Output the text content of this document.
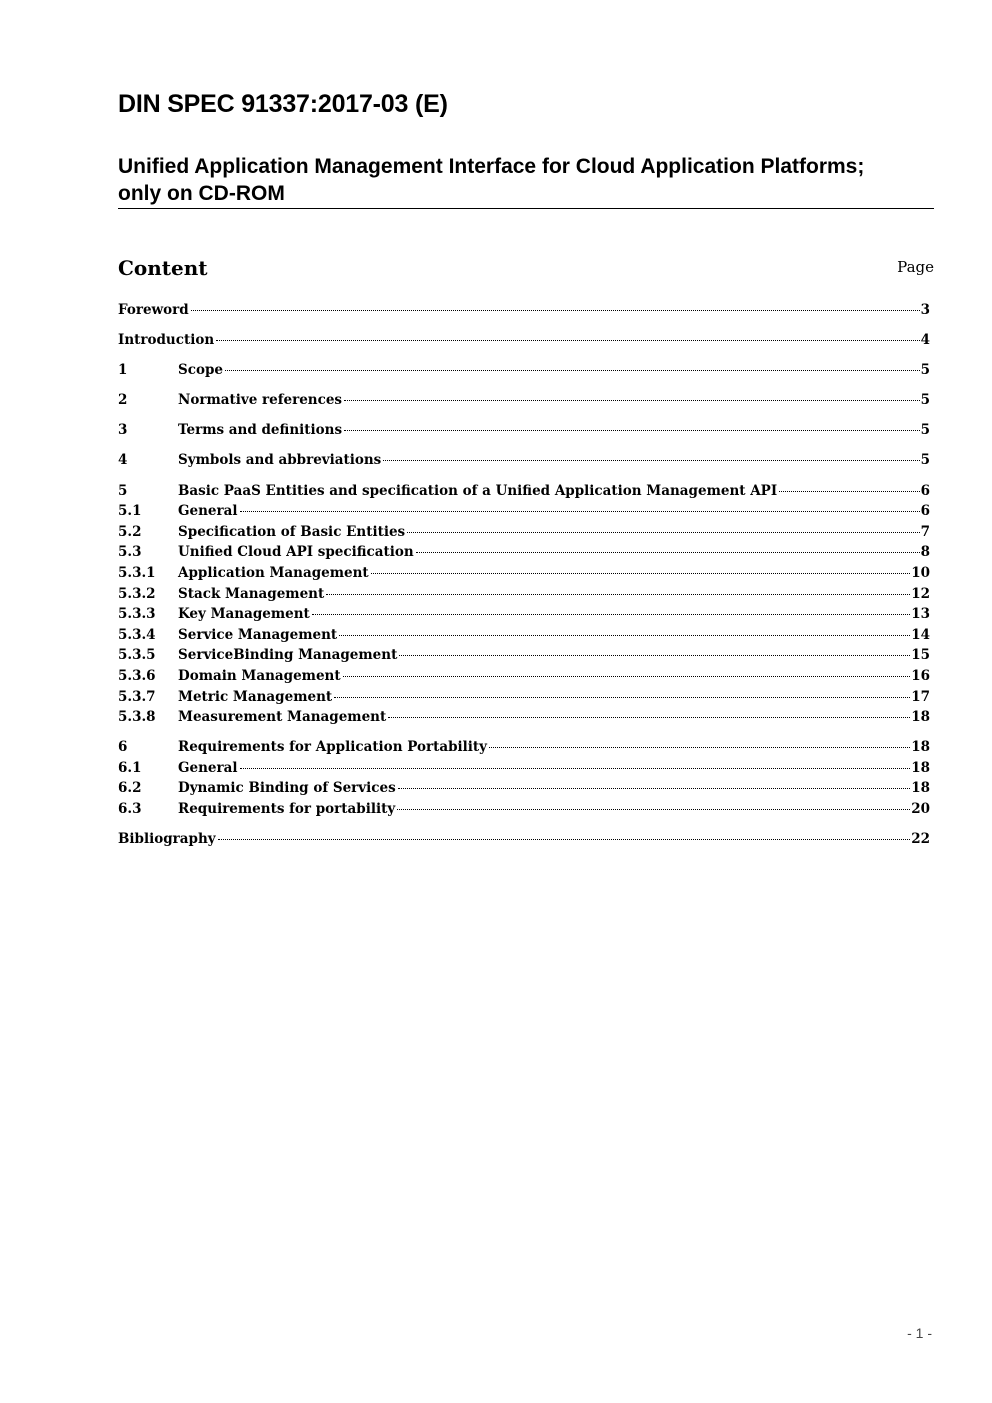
DIN SPEC 91337:2017-03 (E)
Unified Application Management Interface for Cloud Application Platforms;
only on CD-ROM
Content	Page
Foreword	3
Introduction	4
1	Scope	5
2	Normative references	5
3	Terms and definitions	5
4	Symbols and abbreviations	5
5	Basic PaaS Entities and specification of a Unified Application Management API	6
5.1	General	6
5.2	Specification of Basic Entities	7
5.3	Unified Cloud API specification	8
5.3.1	Application Management	10
5.3.2	Stack Management	12
5.3.3	Key Management	13
5.3.4	Service Management	14
5.3.5	ServiceBinding Management	15
5.3.6	Domain Management	16
5.3.7	Metric Management	17
5.3.8	Measurement Management	18
6	Requirements for Application Portability	18
6.1	General	18
6.2	Dynamic Binding of Services	18
6.3	Requirements for portability	20
Bibliography	22
- 1 -
